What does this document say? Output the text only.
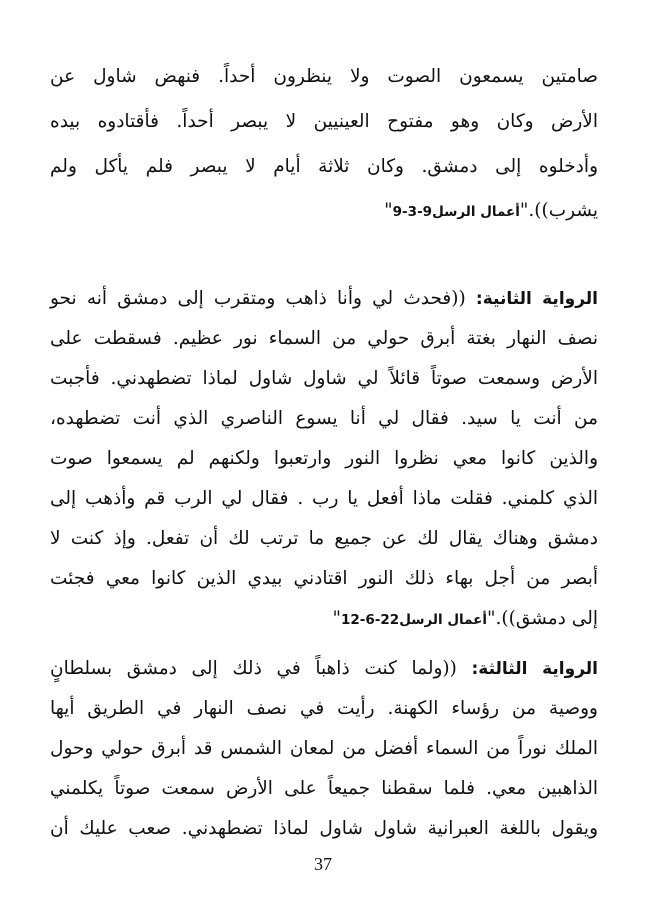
صامتين يسمعون الصوت ولا ينظرون أحداً. فنهض شاول عن
الأرض وكان وهو مفتوح العينيين لا يبصر أحداً. فأقتادوه بيده
وأدخلوه إلى دمشق. وكان ثلاثة أيام لا يبصر فلم يأكل ولم
يشرب))."أعمال الرسل9-3-9"
الرواية الثانية: ((فحدث لي وأنا ذاهب ومتقرب إلى دمشق أنه نحو
نصف النهار بغتة أبرق حولي من السماء نور عظيم. فسقطت على
الأرض وسمعت صوتاً قائلاً لي شاول شاول لماذا تضطهدني. فأجبت
من أنت يا سيد. فقال لي أنا يسوع الناصري الذي أنت تضطهده،
والذين كانوا معي نظروا النور وارتعبوا ولكنهم لم يسمعوا صوت
الذي كلمني. فقلت ماذا أفعل يا رب . فقال لي الرب قم وأذهب إلى
دمشق وهناك يقال لك عن جميع ما ترتب لك أن تفعل. وإذ كنت لا
أبصر من أجل بهاء ذلك النور اقتادني بيدي الذين كانوا معي فجئت
إلى دمشق))."أعمال الرسل22-6-12"
الرواية الثالثة: ((ولما كنت ذاهباً في ذلك إلى دمشق بسلطانٍ
ووصية من رؤساء الكهنة. رأيت في نصف النهار في الطريق أيها
الملك نوراً من السماء أفضل من لمعان الشمس قد أبرق حولي وحول
الذاهبين معي. فلما سقطنا جميعاً على الأرض سمعت صوتاً يكلمني
ويقول باللغة العبرانية شاول شاول لماذا تضطهدني. صعب عليك أن
37
